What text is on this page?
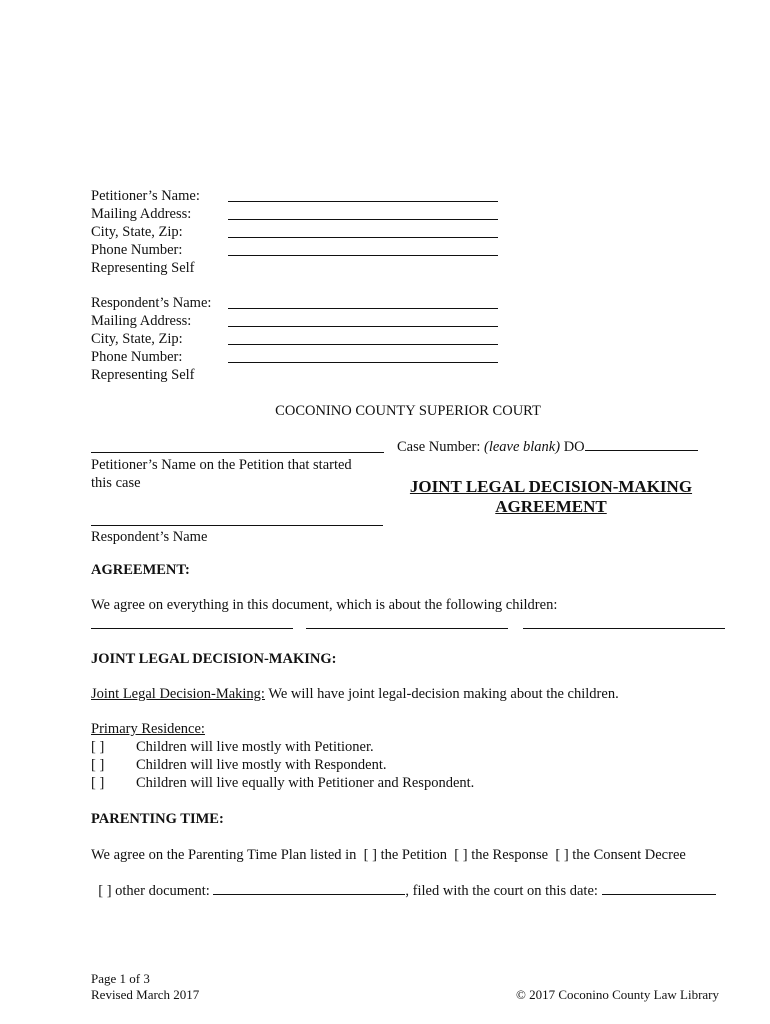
Petitioner’s Name:
Mailing Address:
City, State, Zip:
Phone Number:
Representing Self
Respondent’s Name:
Mailing Address:
City, State, Zip:
Phone Number:
Representing Self
COCONINO COUNTY SUPERIOR COURT
Petitioner’s Name on the Petition that started
this case
Respondent’s Name
Case Number: (leave blank) DO
JOINT LEGAL DECISION-MAKING
AGREEMENT
AGREEMENT:
We agree on everything in this document, which is about the following children:
JOINT LEGAL DECISION-MAKING:
Joint Legal Decision-Making: We will have joint legal-decision making about the children.
Primary Residence:
[ ] Children will live mostly with Petitioner.
[ ] Children will live mostly with Respondent.
[ ] Children will live equally with Petitioner and Respondent.
PARENTING TIME:
We agree on the Parenting Time Plan listed in  [ ] the Petition  [ ] the Response  [ ] the Consent Decree

[ ] other document:	, filed with the court on this date:

Page 1 of 3
Revised March 2017	© 2017 Coconino County Law Library
